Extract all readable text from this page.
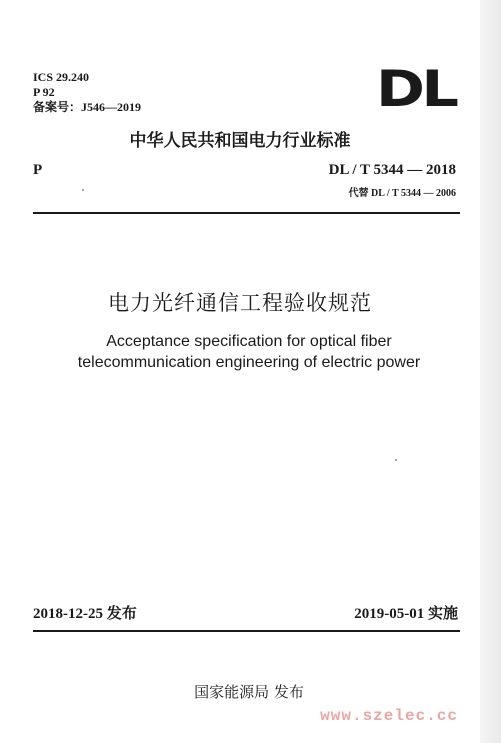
ICS 29.240
P 92
备案号：J546—2019	DL
中华人民共和国电力行业标准
P	DL / T 5344 — 2018
代替 DL / T 5344 — 2006
电力光纤通信工程验收规范
Acceptance specification for optical fiber
telecommunication engineering of electric power
2018-12-25 发布	2019-05-01 实施
国家能源局 发布
www.szelec.cc
